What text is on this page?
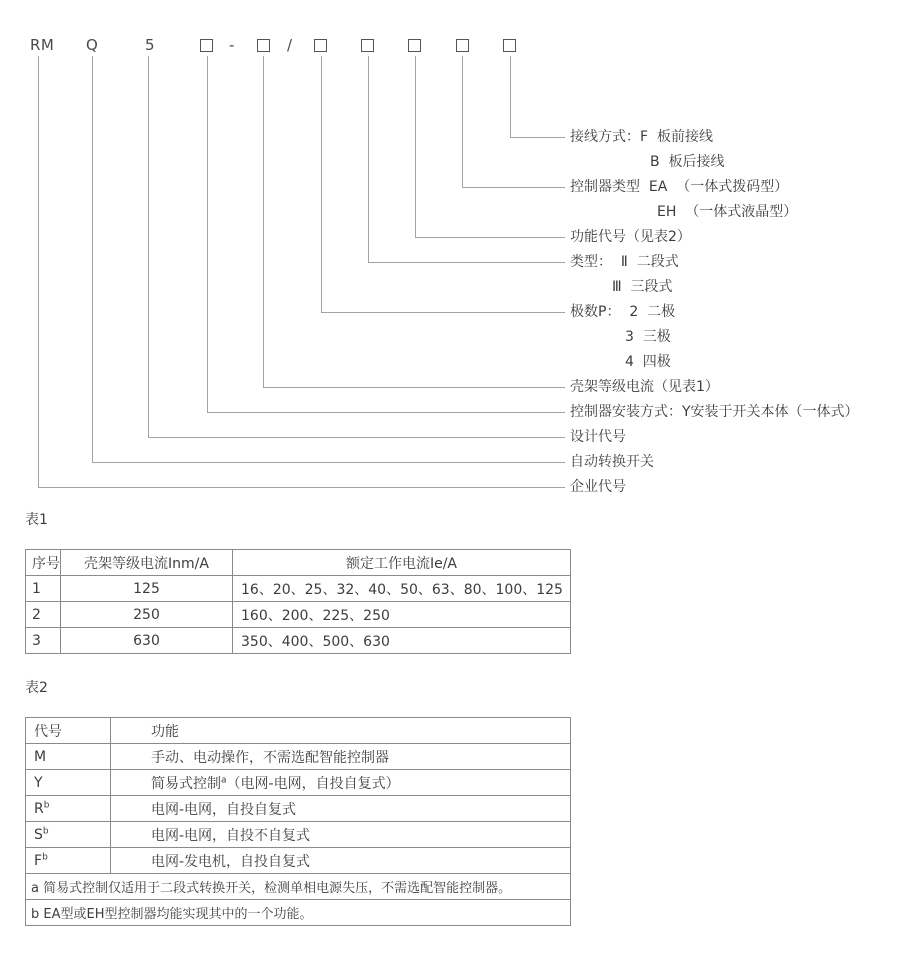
RM Q	5	-	/
接线方式：F  板前接线
B  板后接线
控制器类型  EA  （一体式拨码型）
EH  （一体式液晶型）
功能代号（见表2）
类型：  Ⅱ  二段式
Ⅲ  三段式
极数P：  2  二极
3  三极
4  四极
壳架等级电流（见表1）
控制器安装方式：Y安装于开关本体（一体式）
设计代号
自动转换开关
企业代号
表1
序号	壳架等级电流Inm/A	额定工作电流Ie/A
1	125	16、20、25、32、40、50、63、80、100、125
2	250	160、200、225、250
3	630	350、400、500、630
表2
代号	功能
M	手动、电动操作，不需选配智能控制器
Y	简易式控制$^a$（电网-电网，自投自复式）
$R^b$	电网-电网，自投自复式
$S^b$	电网-电网，自投不自复式
$F^b$	电网-发电机，自投自复式
a 简易式控制仅适用于二段式转换开关，检测单相电源失压，不需选配智能控制器。	
b EA型或EH型控制器均能实现其中的一个功能。	
